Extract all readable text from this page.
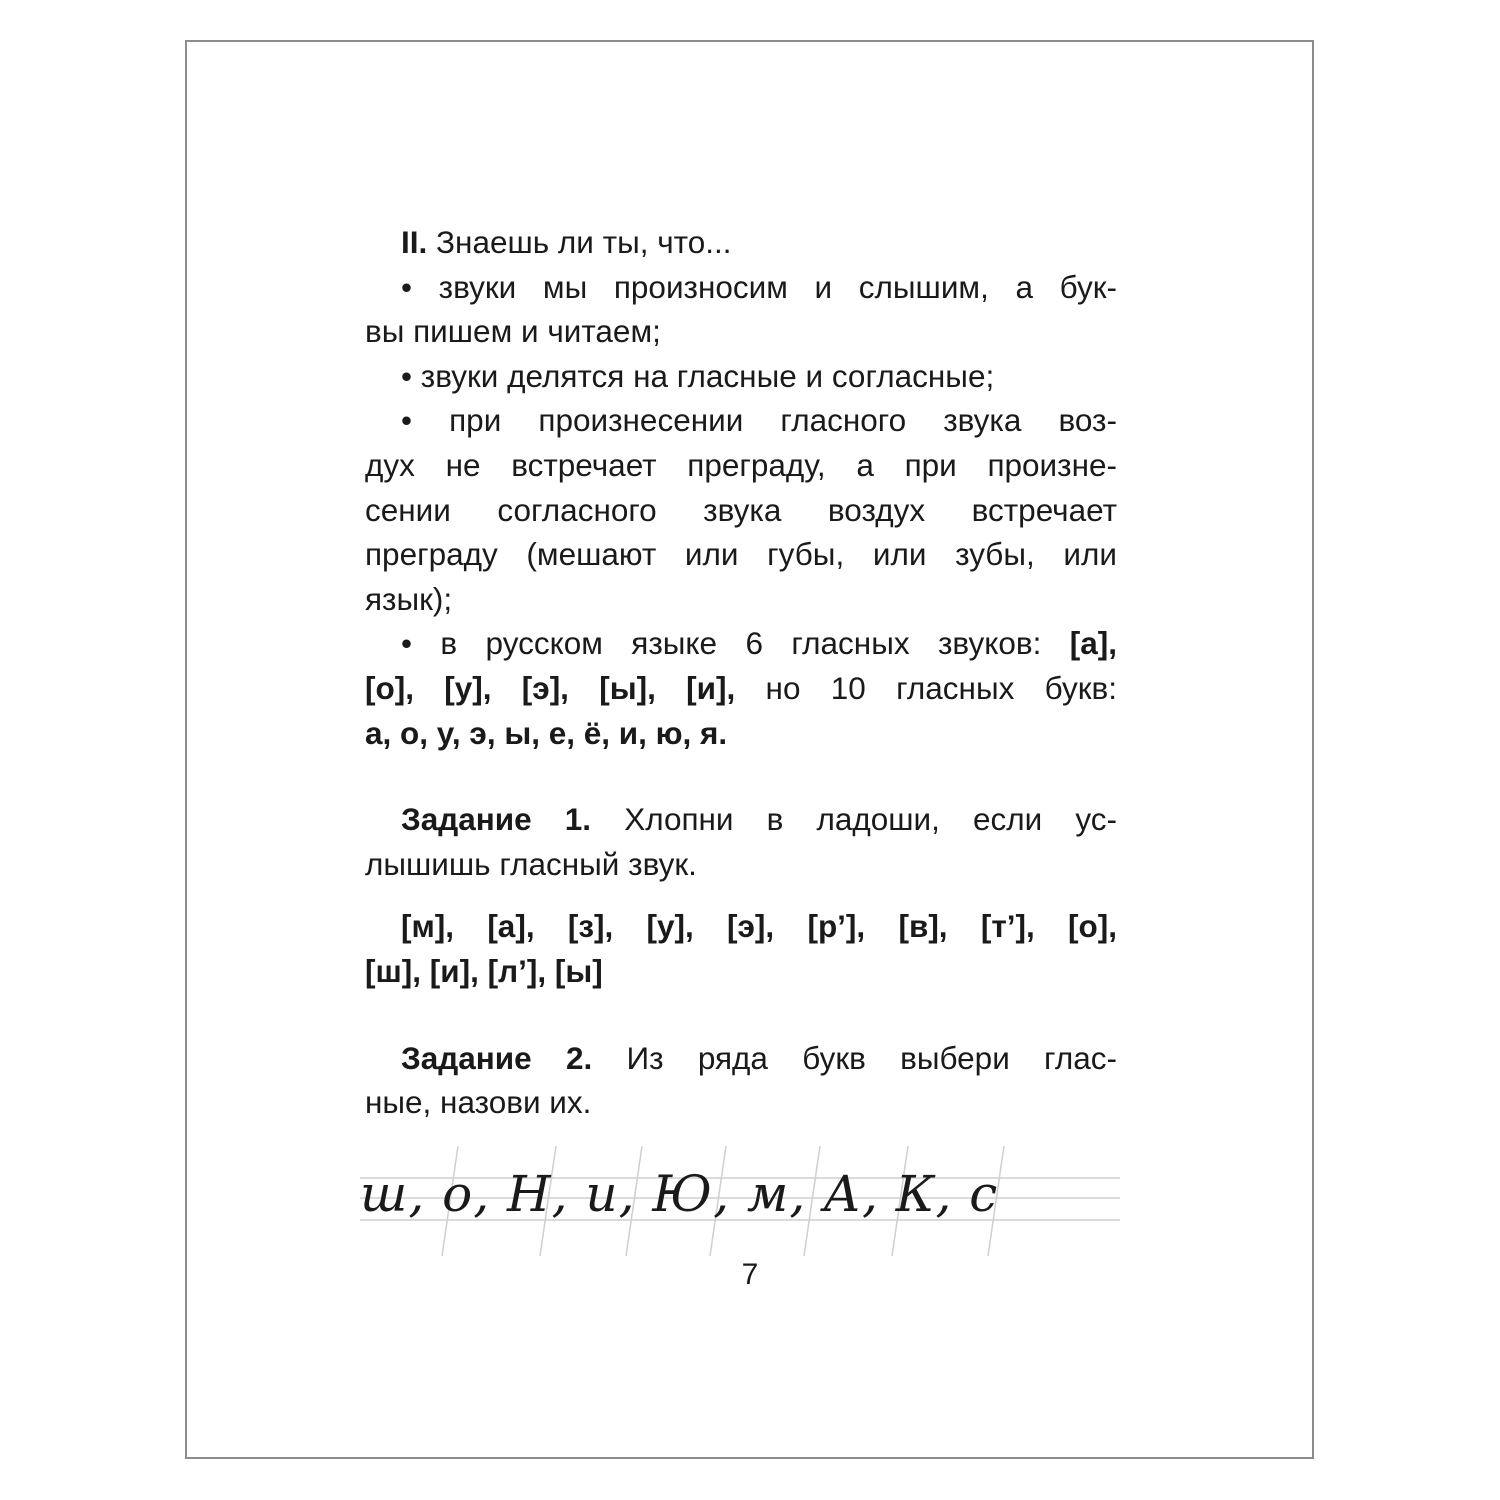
II. Знаешь ли ты, что...

• звуки мы произносим и слышим, а бук-

вы пишем и читаем;

• звуки делятся на гласные и согласные;

• при произнесении гласного звука воз-

дух не встречает преграду, а при произне-

сении согласного звука воздух встречает

преграду (мешают или губы, или зубы, или

язык);

• в русском языке 6 гласных звуков: [а],

[о], [у], [э], [ы], [и], но 10 гласных букв:

а, о, у, э, ы, е, ё, и, ю, я.

Задание 1. Хлопни в ладоши, если ус-

лышишь гласный звук.

[м], [а], [з], [у], [э], [р’], [в], [т’], [о],

[ш], [и], [л’], [ы]

Задание 2. Из ряда букв выбери глас-

ные, назови их.

ш, о, Н, и, Ю, м, А, К, с
7
